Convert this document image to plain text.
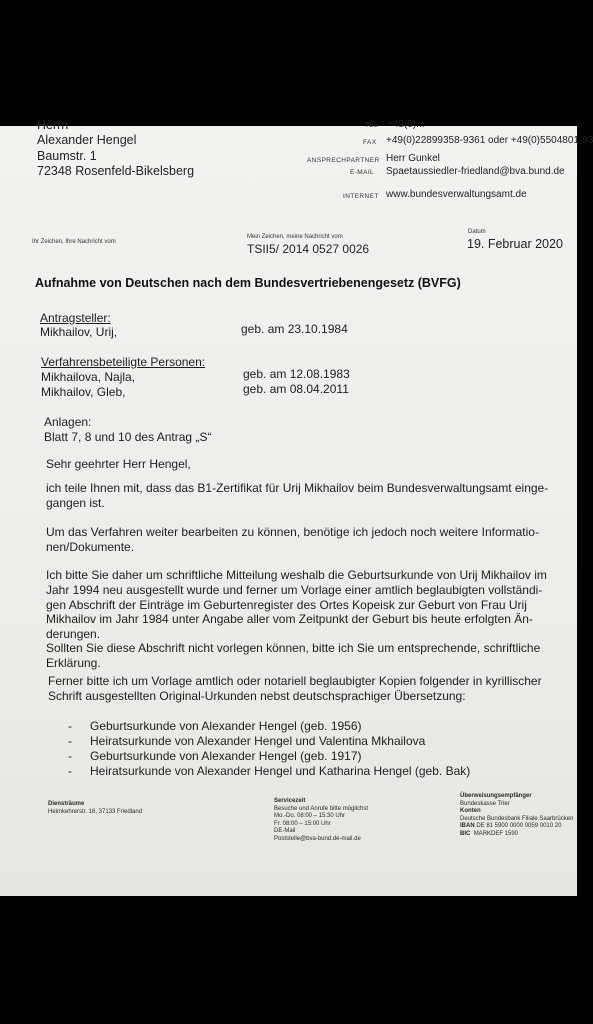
Herrn
Alexander Hengel
Baumstr. 1
72348 Rosenfeld-Bikelsberg
TEL +49(0)...
FAX +49(0)22899358-9361 oder +49(0)5504801-93
ANSPRECHPARTNER Herr Gunkel
E-MAIL Spaetaussiedler-friedland@bva.bund.de
INTERNET www.bundesverwaltungsamt.de
Ihr Zeichen, Ihre Nachricht vom
Mein Zeichen, meine Nachricht vom
TSII5/ 2014 0527 0026
Datum
19. Februar 2020
Aufnahme von Deutschen nach dem Bundesvertriebenengesetz (BVFG)
Antragsteller:
Mikhailov, Urij,	geb. am 23.10.1984
Verfahrensbeteiligte Personen:
Mikhailova, Najla,	geb. am 12.08.1983
Mikhailov, Gleb,	geb. am 08.04.2011
Anlagen:
Blatt 7, 8 und 10 des Antrag „S“
Sehr geehrter Herr Hengel,
ich teile Ihnen mit, dass das B1-Zertifikat für Urij Mikhailov beim Bundesverwaltungsamt einge-
gangen ist.
Um das Verfahren weiter bearbeiten zu können, benötige ich jedoch noch weitere Informatio-
nen/Dokumente.
Ich bitte Sie daher um schriftliche Mitteilung weshalb die Geburtsurkunde von Urij Mikhailov im
Jahr 1994 neu ausgestellt wurde und ferner um Vorlage einer amtlich beglaubigten vollständi-
gen Abschrift der Einträge im Geburtenregister des Ortes Kopeisk zur Geburt von Frau Urij
Mikhailov im Jahr 1984 unter Angabe aller vom Zeitpunkt der Geburt bis heute erfolgten Än-
derungen.
Sollten Sie diese Abschrift nicht vorlegen können, bitte ich Sie um entsprechende, schriftliche
Erklärung.
Ferner bitte ich um Vorlage amtlich oder notariell beglaubigter Kopien folgender in kyrillischer
Schrift ausgestellten Original-Urkunden nebst deutschsprachiger Übersetzung:
- Geburtsurkunde von Alexander Hengel (geb. 1956)
- Heiratsurkunde von Alexander Hengel und Valentina Mkhailova
- Geburtsurkunde von Alexander Hengel (geb. 1917)
- Heiratsurkunde von Alexander Hengel und Katharina Hengel (geb. Bak)
Diensträume
Heimkehrerstr. 16, 37133 Friedland
Servicezeit
Besuche und Anrufe bitte möglichst
Mo.-Do. 08:00 – 15:30 Uhr
Fr. 08:00 – 15:00 Uhr
DE-Mail
Poststelle@bva-bund.de-mail.de
Überweisungsempfänger
Bundeskasse Trier
Konten
Deutsche Bundesbank Filiale Saarbrücken
IBAN DE 81 5900 0000 0059 0010 20
BIC MARKDEF 1590
